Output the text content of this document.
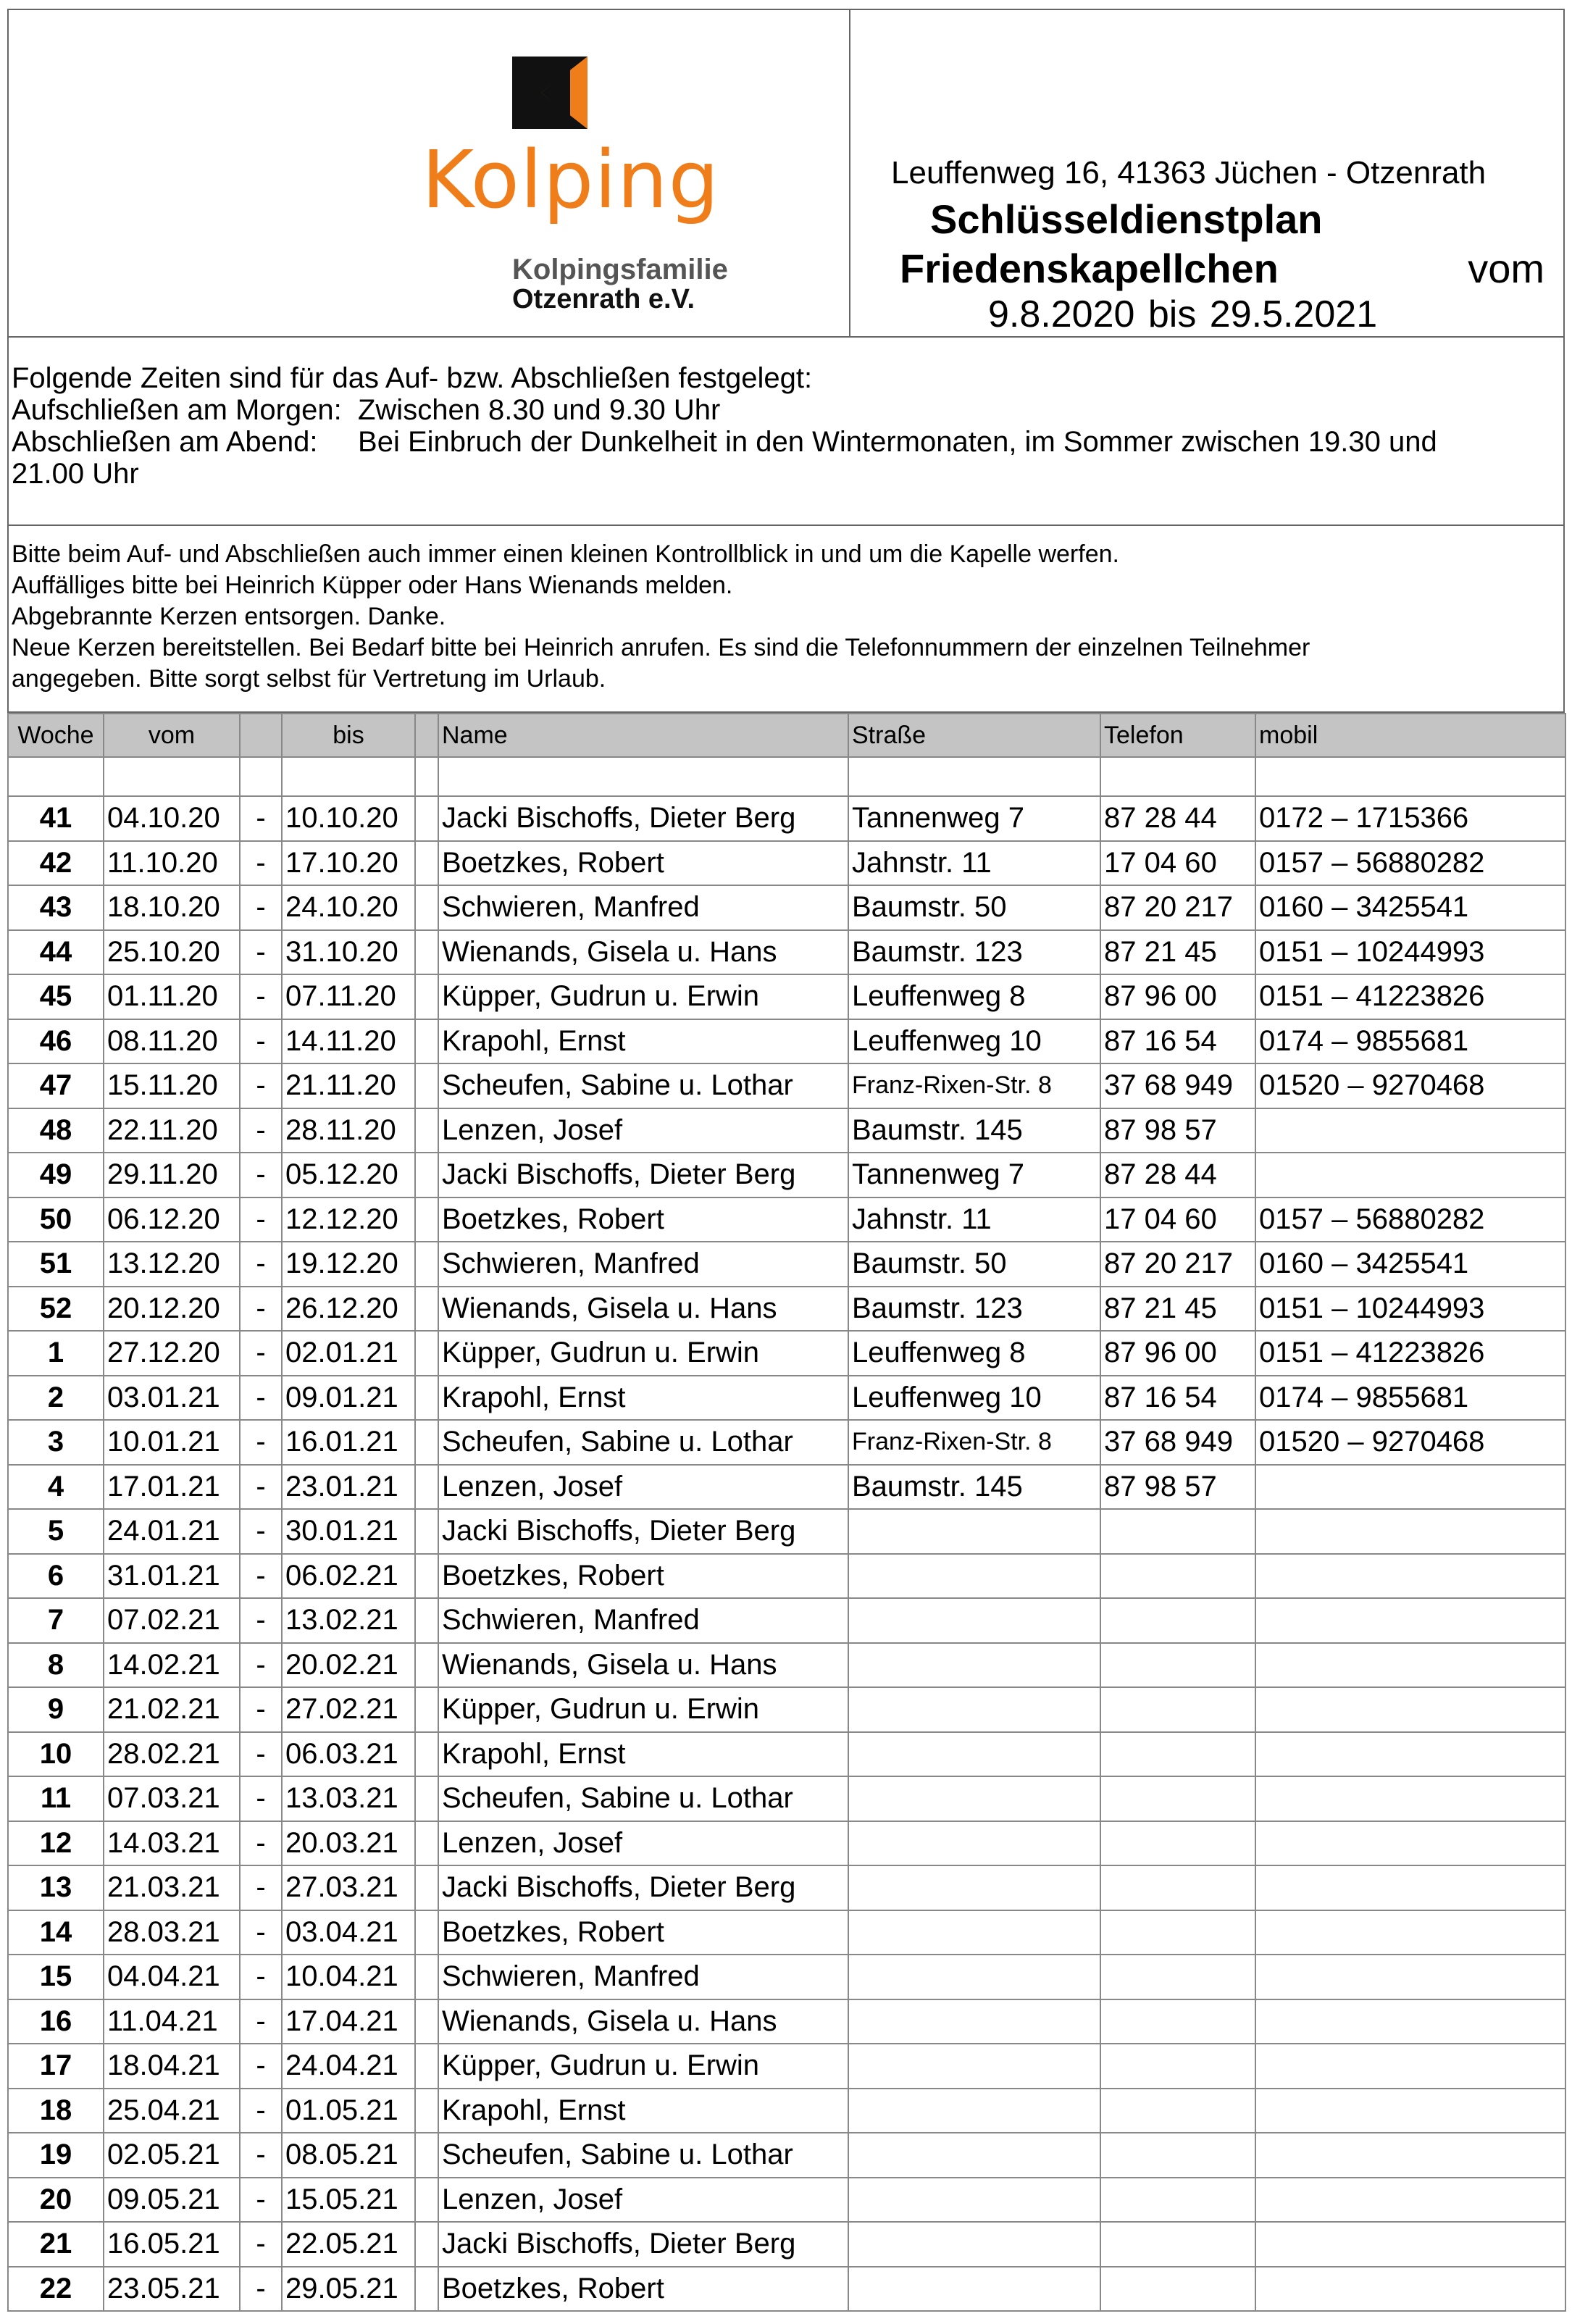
Kolping
Kolpingsfamilie
Otzenrath e.V.
Leuffenweg 16, 41363 Jüchen - Otzenrath
Schlüsseldienstplan
Friedenskapellchen	vom
9.8.2020 bis 29.5.2021
Folgende Zeiten sind für das Auf- bzw. Abschließen festgelegt:
Aufschließen am Morgen:  Zwischen 8.30 und 9.30 Uhr
Abschließen am Abend:     Bei Einbruch der Dunkelheit in den Wintermonaten, im Sommer zwischen 19.30 und
21.00 Uhr
Bitte beim Auf- und Abschließen auch immer einen kleinen Kontrollblick in und um die Kapelle werfen.
Auffälliges bitte bei Heinrich Küpper oder Hans Wienands melden.
Abgebrannte Kerzen entsorgen. Danke.
Neue Kerzen bereitstellen. Bei Bedarf bitte bei Heinrich anrufen. Es sind die Telefonnummern der einzelnen Teilnehmer
angegeben. Bitte sorgt selbst für Vertretung im Urlaub.
Woche	vom		bis		Name	Straße	Telefon	mobil

41	04.10.20	-	10.10.20		Jacki Bischoffs, Dieter Berg	Tannenweg 7	87 28 44	0172 – 1715366
42	11.10.20	-	17.10.20		Boetzkes, Robert	Jahnstr. 11	17 04 60	0157 – 56880282
43	18.10.20	-	24.10.20		Schwieren, Manfred	Baumstr. 50	87 20 217	0160 – 3425541
44	25.10.20	-	31.10.20		Wienands, Gisela u. Hans	Baumstr. 123	87 21 45	0151 – 10244993
45	01.11.20	-	07.11.20		Küpper, Gudrun u. Erwin	Leuffenweg 8	87 96 00	0151 – 41223826
46	08.11.20	-	14.11.20		Krapohl, Ernst	Leuffenweg 10	87 16 54	0174 – 9855681
47	15.11.20	-	21.11.20		Scheufen, Sabine u. Lothar	Franz-Rixen-Str. 8	37 68 949	01520 – 9270468
48	22.11.20	-	28.11.20		Lenzen, Josef	Baumstr. 145	87 98 57	
49	29.11.20	-	05.12.20		Jacki Bischoffs, Dieter Berg	Tannenweg 7	87 28 44	
50	06.12.20	-	12.12.20		Boetzkes, Robert	Jahnstr. 11	17 04 60	0157 – 56880282
51	13.12.20	-	19.12.20		Schwieren, Manfred	Baumstr. 50	87 20 217	0160 – 3425541
52	20.12.20	-	26.12.20		Wienands, Gisela u. Hans	Baumstr. 123	87 21 45	0151 – 10244993
1	27.12.20	-	02.01.21		Küpper, Gudrun u. Erwin	Leuffenweg 8	87 96 00	0151 – 41223826
2	03.01.21	-	09.01.21		Krapohl, Ernst	Leuffenweg 10	87 16 54	0174 – 9855681
3	10.01.21	-	16.01.21		Scheufen, Sabine u. Lothar	Franz-Rixen-Str. 8	37 68 949	01520 – 9270468
4	17.01.21	-	23.01.21		Lenzen, Josef	Baumstr. 145	87 98 57	
5	24.01.21	-	30.01.21		Jacki Bischoffs, Dieter Berg			
6	31.01.21	-	06.02.21		Boetzkes, Robert			
7	07.02.21	-	13.02.21		Schwieren, Manfred			
8	14.02.21	-	20.02.21		Wienands, Gisela u. Hans			
9	21.02.21	-	27.02.21		Küpper, Gudrun u. Erwin			
10	28.02.21	-	06.03.21		Krapohl, Ernst			
11	07.03.21	-	13.03.21		Scheufen, Sabine u. Lothar			
12	14.03.21	-	20.03.21		Lenzen, Josef			
13	21.03.21	-	27.03.21		Jacki Bischoffs, Dieter Berg			
14	28.03.21	-	03.04.21		Boetzkes, Robert			
15	04.04.21	-	10.04.21		Schwieren, Manfred			
16	11.04.21	-	17.04.21		Wienands, Gisela u. Hans			
17	18.04.21	-	24.04.21		Küpper, Gudrun u. Erwin			
18	25.04.21	-	01.05.21		Krapohl, Ernst			
19	02.05.21	-	08.05.21		Scheufen, Sabine u. Lothar			
20	09.05.21	-	15.05.21		Lenzen, Josef			
21	16.05.21	-	22.05.21		Jacki Bischoffs, Dieter Berg			
22	23.05.21	-	29.05.21		Boetzkes, Robert			
